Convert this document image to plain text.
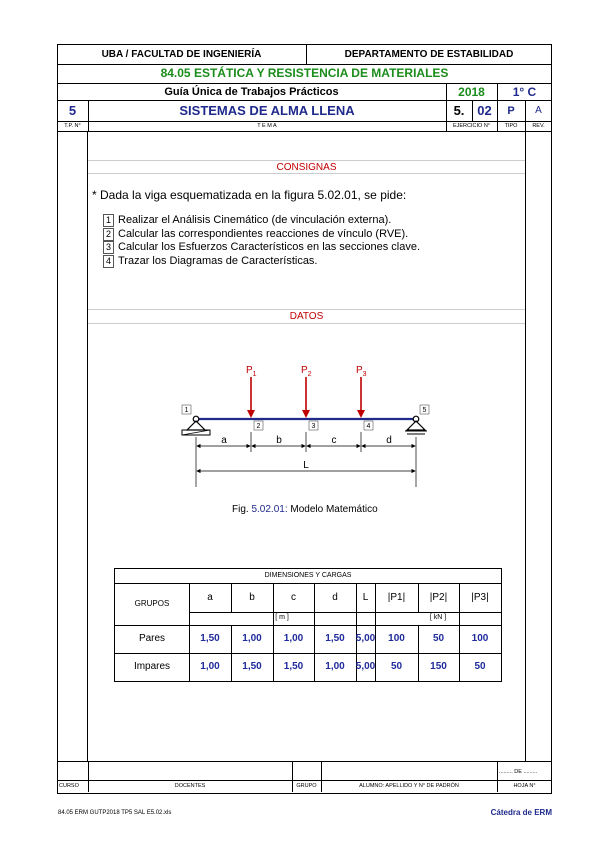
UBA / FACULTAD DE INGENIERÍA	DEPARTAMENTO DE ESTABILIDAD
84.05 ESTÁTICA Y RESISTENCIA DE MATERIALES
Guía Única de Trabajos Prácticos	2018	1° C
5	SISTEMAS DE ALMA LLENA	5. 02	P	A
T.P. N°	T E M A	EJERCICIO N°	TIPO	REV.
CONSIGNAS
* Dada la viga esquematizada en la figura 5.02.01, se pide:
1 Realizar el Análisis Cinemático (de vinculación externa).
2 Calcular las correspondientes reacciones de vínculo (RVE).
3 Calcular los Esfuerzos Característicos en las secciones clave.
4 Trazar los Diagramas de Características.
DATOS
$P_1$	$P_2$	$P_3$
1
2	3	4
5
a	b	c	d
L
Fig. 5.02.01: Modelo Matemático
DIMENSIONES Y CARGAS
GRUPOS
a	b	c	d	L	|P1|	|P2|	|P3|
[ m ]	[ kN ]
Pares	1,50	1,00	1,00	1,50	5,00	100	50	100
Impares	1,00	1,50	1,50	1,00	5,00	50	150	50
......... DE .........
CURSO	DOCENTES	GRUPO	ALUMNO: APELLIDO Y N° DE PADRÓN	HOJA N°
84.05 ERM GUTP2018 TP5 SAL E5.02.xls	Cátedra de ERM
